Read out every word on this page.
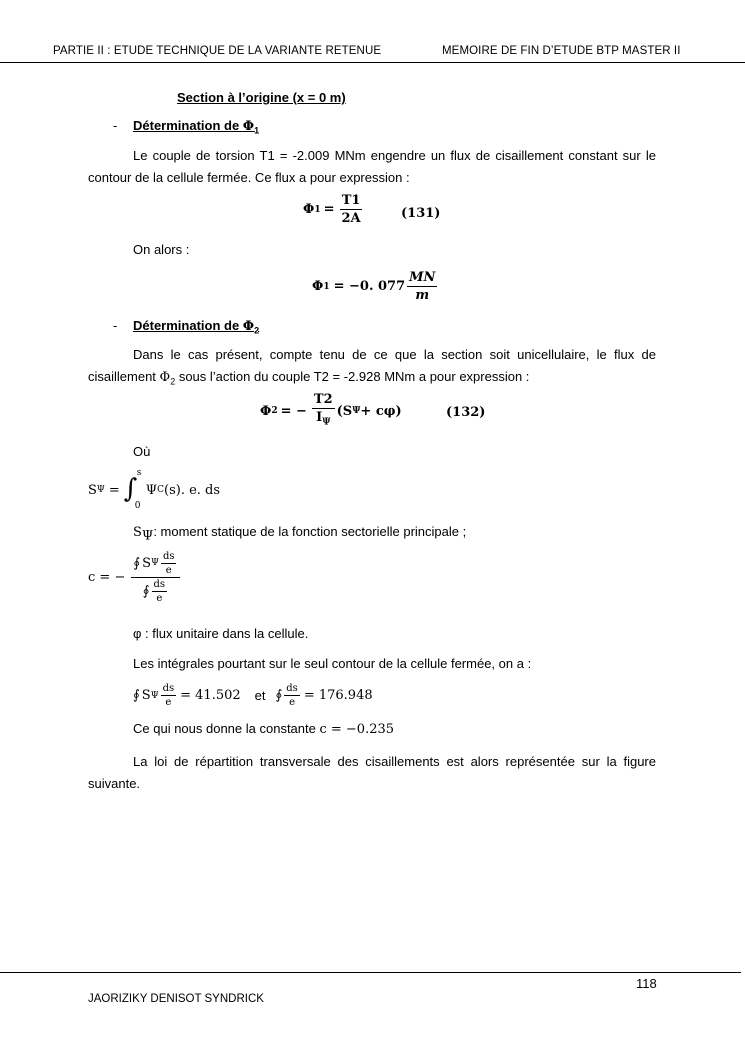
PARTIE II : ETUDE TECHNIQUE DE LA VARIANTE RETENUE	MEMOIRE DE FIN D’ETUDE BTP MASTER II
Section à l’origine (x = 0 m)
- Détermination de $\Phi_1$
Le couple de torsion T1 = -2.009 MNm engendre un flux de cisaillement constant sur le contour de la cellule fermée. Ce flux a pour expression :
Φ $1 = \frac{T1}{2A}$	(131)
On alors :
Φ 1 = −0. $077 \frac{MN}{m}$
- Détermination de $\Phi_2$
Dans le cas présent, compte tenu de ce que la section soit unicellulaire, le flux de cisaillement $\Phi_2$ sous l’action du couple T2 = -2.928 MNm a pour expression :
Φ 2 = − $\frac{T2}{I_\Psi} (S$ Ψ + cφ)	(132)
Où
S Ψ = ∫
s
0
Ψ C (s). e. ds
$S_\Psi$: moment statique de la fonction sectorielle principale ;
c = − $\frac{∮ S \Psi \frac{ds}{e}}{∮ \frac{ds}{e}}$
φ : flux unitaire dans la cellule.
Les intégrales pourtant sur le seul contour de la cellule fermée, on a :
∮ S Ψ $\frac{ds}{e} = 41.502$ et ∮ $\frac{ds}{e} = 176.948$
Ce qui nous donne la constante c = −0.235
La loi de répartition transversale des cisaillements est alors représentée sur la figure suivante.
118
JAORIZIKY DENISOT SYNDRICK
